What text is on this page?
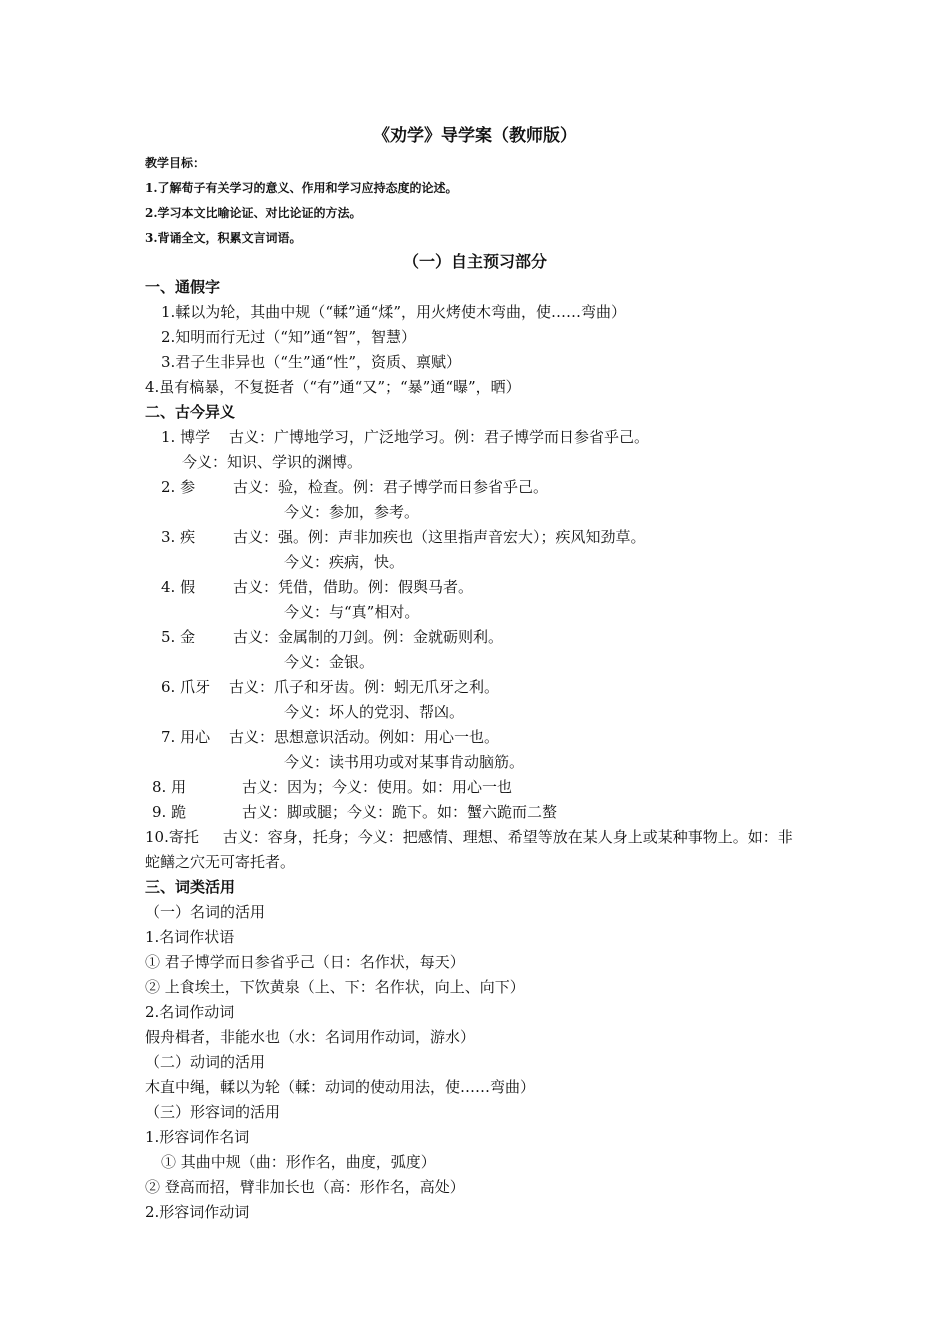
《劝学》导学案（教师版）
教学目标：
1.了解荀子有关学习的意义、作用和学习应持态度的论述。
2.学习本文比喻论证、对比论证的方法。
3.背诵全文，积累文言词语。
（一）自主预习部分
一、通假字
1.輮以为轮，其曲中规（“輮”通“煣”，用火烤使木弯曲，使……弯曲）
2.知明而行无过（“知”通“智”，智慧）
3.君子生非异也（“生”通“性”，资质、禀赋）
4.虽有槁暴，不复挺者（“有”通“又”；“暴”通“曝”，晒）
二、古今异义
1. 博学 古义：广博地学习，广泛地学习。例：君子博学而日参省乎己。
今义：知识、学识的渊博。
2. 参	古义：验，检查。例：君子博学而日参省乎己。
今义：参加，参考。
3. 疾	古义：强。例：声非加疾也（这里指声音宏大）；疾风知劲草。
今义：疾病，快。
4. 假	古义：凭借，借助。例：假舆马者。
今义：与“真”相对。
5. 金	古义：金属制的刀剑。例：金就砺则利。
今义：金银。
6. 爪牙 古义：爪子和牙齿。例：蚓无爪牙之利。
今义：坏人的党羽、帮凶。
7. 用心 古义：思想意识活动。例如：用心一也。
今义：读书用功或对某事肯动脑筋。
8. 用	古义：因为；今义：使用。如：用心一也
9. 跪	古义：脚或腿；今义：跪下。如：蟹六跪而二螯
10.寄托     古义：容身，托身；今义：把感情、理想、希望等放在某人身上或某种事物上。如：非
蛇鳝之穴无可寄托者。
三、词类活用
（一）名词的活用
1.名词作状语
① 君子博学而日参省乎己（日：名作状，每天）
② 上食埃土，下饮黄泉（上、下：名作状，向上、向下）
2.名词作动词
假舟楫者，非能水也（水：名词用作动词，游水）
（二）动词的活用
木直中绳，輮以为轮（輮：动词的使动用法，使……弯曲）
（三）形容词的活用
1.形容词作名词
① 其曲中规（曲：形作名，曲度，弧度）
② 登高而招，臂非加长也（高：形作名，高处）
2.形容词作动词
